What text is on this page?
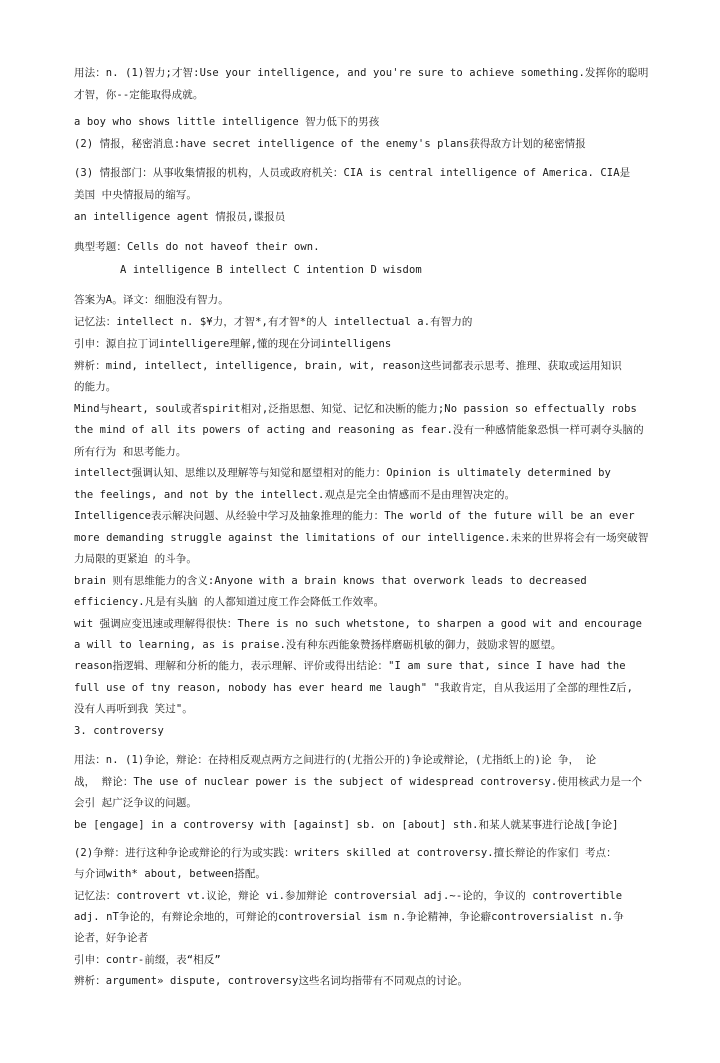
用法：n. (1)智力;才智:Use your intelligence, and you're sure to achieve something.发挥你的聪明
才智，你--定能取得成就。
a boy who shows little intelligence 智力低下的男孩
(2) 情报，秘密消息:have secret intelligence of the enemy's plans获得敌方计划的秘密情报
(3) 情报部门：从事收集情报的机构，人员或政府机关：CIA is central intelligence of America. CIA是
美国 中央情报局的缩写。
an intelligence agent 情报员,谍报员
典型考题：Cells do not haveof their own.
A intelligence B intellect C intention D wisdom
答案为A。译文：细胞没有智力。
记忆法：intellect n. $¥力，才智*,有才智*的人 intellectual a.有智力的
引申：源自拉丁词intelligere理解,懂的现在分词intelligens
辨析：mind, intellect, intelligence, brain, wit, reason这些词都表示思考、推理、获取或运用知识
的能力。
Mind与heart, soul或者spirit相对,泛指思想、知觉、记忆和决断的能力;No passion so effectually robs
the mind of all its powers of acting and reasoning as fear.没有一种感情能象恐惧一样可剥夺头脑的
所有行为 和思考能力。
intellect强调认知、思维以及理解等与知觉和愿望相对的能力：Opinion is ultimately determined by
the feelings, and not by the intellect.观点是完全由情感而不是由理智决定的。
Intelligence表示解决问题、从经验中学习及抽象推理的能力：The world of the future will be an ever
more demanding struggle against the limitations of our intelligence.未来的世界将会有一场突破智
力局限的更紧迫 的斗争。
brain 则有思维能力的含义:Anyone with a brain knows that overwork leads to decreased
efficiency.凡是有头脑 的人都知道过度工作会降低工作效率。
wit 强调应变迅速或理解得很快：There is no such whetstone, to sharpen a good wit and encourage
a will to learning, as is praise.没有种东西能象赞扬样磨砺机敏的御力，鼓励求智的愿望。
reason指逻辑、理解和分析的能力，表示理解、评价或得出结论："I am sure that, since I have had the
full use of tny reason, nobody has ever heard me laugh" "我敢肯定，自从我运用了全部的理性Z后,
没有人再听到我 笑过"。
3. controversy
用法：n. (1)争论，辩论：在持相反观点两方之间进行的(尤指公开的)争论或辩论，(尤指纸上的)论 争， 论
战， 辩论：The use of nuclear power is the subject of widespread controversy.使用核武力是一个
会引 起广泛争议的问题。
be [engage] in a controversy with [against] sb. on [about] sth.和某人就某事进行论战[争论]
(2)争辩：进行这种争论或辩论的行为或实践：writers skilled at controversy.擅长辩论的作家们 考点：
与介词with* about, between搭配。
记忆法：controvert vt.议论，辩论 vi.参加辩论 controversial adj.~-论的，争议的 controvertible
adj. nT争论的，有辩论余地的，可辩论的controversial ism n.争论精神，争论癖controversialist n.争
论者，好争论者
引申：contr-前缀，表“相反”
辨析：argument» dispute, controversy这些名词均指带有不同观点的讨论。
